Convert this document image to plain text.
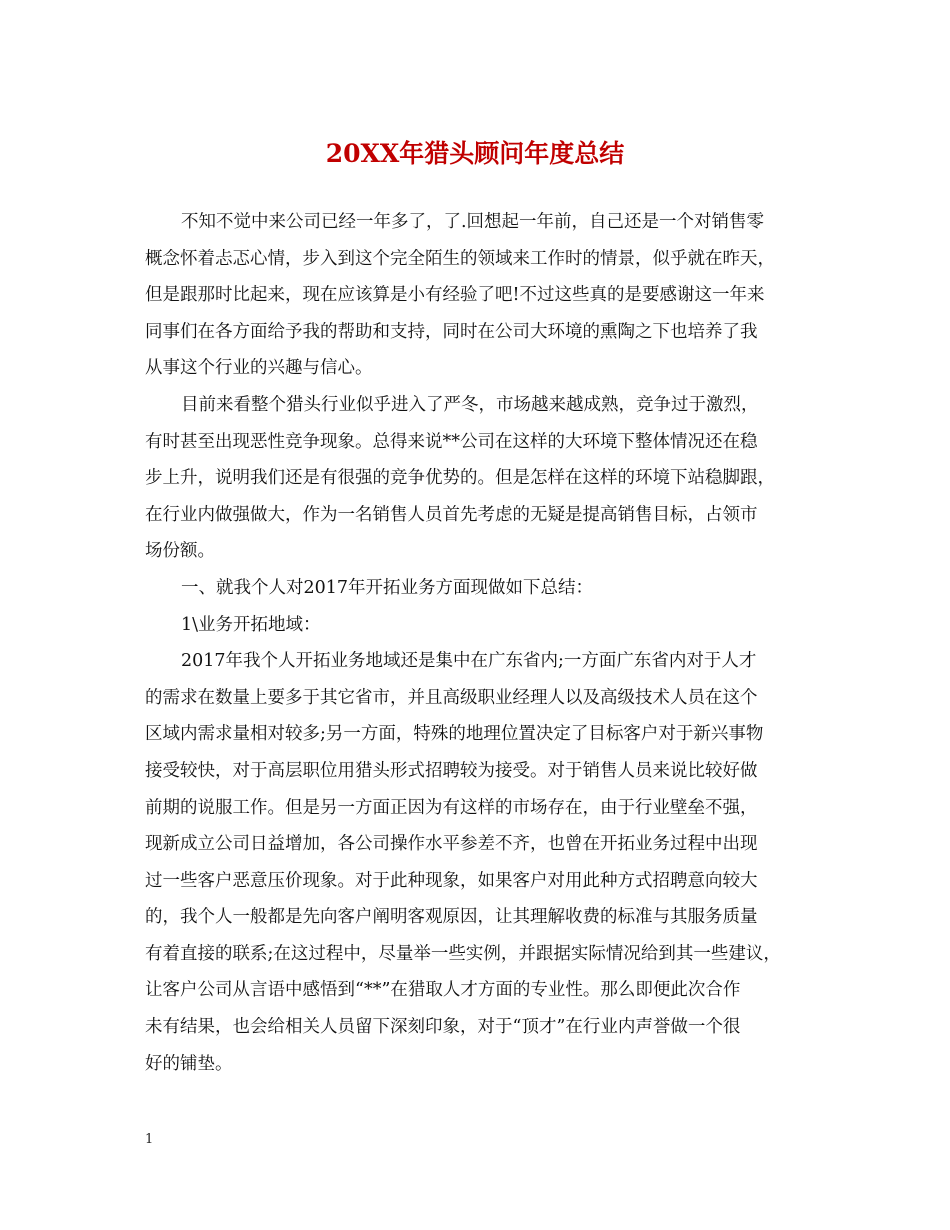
20XX年猎头顾问年度总结
不知不觉中来公司已经一年多了，了.回想起一年前，自己还是一个对销售零
概念怀着忐忑心情，步入到这个完全陌生的领域来工作时的情景，似乎就在昨天，
但是跟那时比起来，现在应该算是小有经验了吧!不过这些真的是要感谢这一年来
同事们在各方面给予我的帮助和支持，同时在公司大环境的熏陶之下也培养了我
从事这个行业的兴趣与信心。
目前来看整个猎头行业似乎进入了严冬，市场越来越成熟，竞争过于激烈，
有时甚至出现恶性竞争现象。总得来说**公司在这样的大环境下整体情况还在稳
步上升，说明我们还是有很强的竞争优势的。但是怎样在这样的环境下站稳脚跟，
在行业内做强做大，作为一名销售人员首先考虑的无疑是提高销售目标，占领市
场份额。
一、就我个人对2017年开拓业务方面现做如下总结：
1\业务开拓地域：
2017年我个人开拓业务地域还是集中在广东省内;一方面广东省内对于人才
的需求在数量上要多于其它省市，并且高级职业经理人以及高级技术人员在这个
区域内需求量相对较多;另一方面，特殊的地理位置决定了目标客户对于新兴事物
接受较快，对于高层职位用猎头形式招聘较为接受。对于销售人员来说比较好做
前期的说服工作。但是另一方面正因为有这样的市场存在，由于行业壁垒不强，
现新成立公司日益增加，各公司操作水平参差不齐，也曾在开拓业务过程中出现
过一些客户恶意压价现象。对于此种现象，如果客户对用此种方式招聘意向较大
的，我个人一般都是先向客户阐明客观原因，让其理解收费的标准与其服务质量
有着直接的联系;在这过程中，尽量举一些实例，并跟据实际情况给到其一些建议，
让客户公司从言语中感悟到“**”在猎取人才方面的专业性。那么即便此次合作
未有结果，也会给相关人员留下深刻印象，对于“顶才”在行业内声誉做一个很
好的铺垫。
1
